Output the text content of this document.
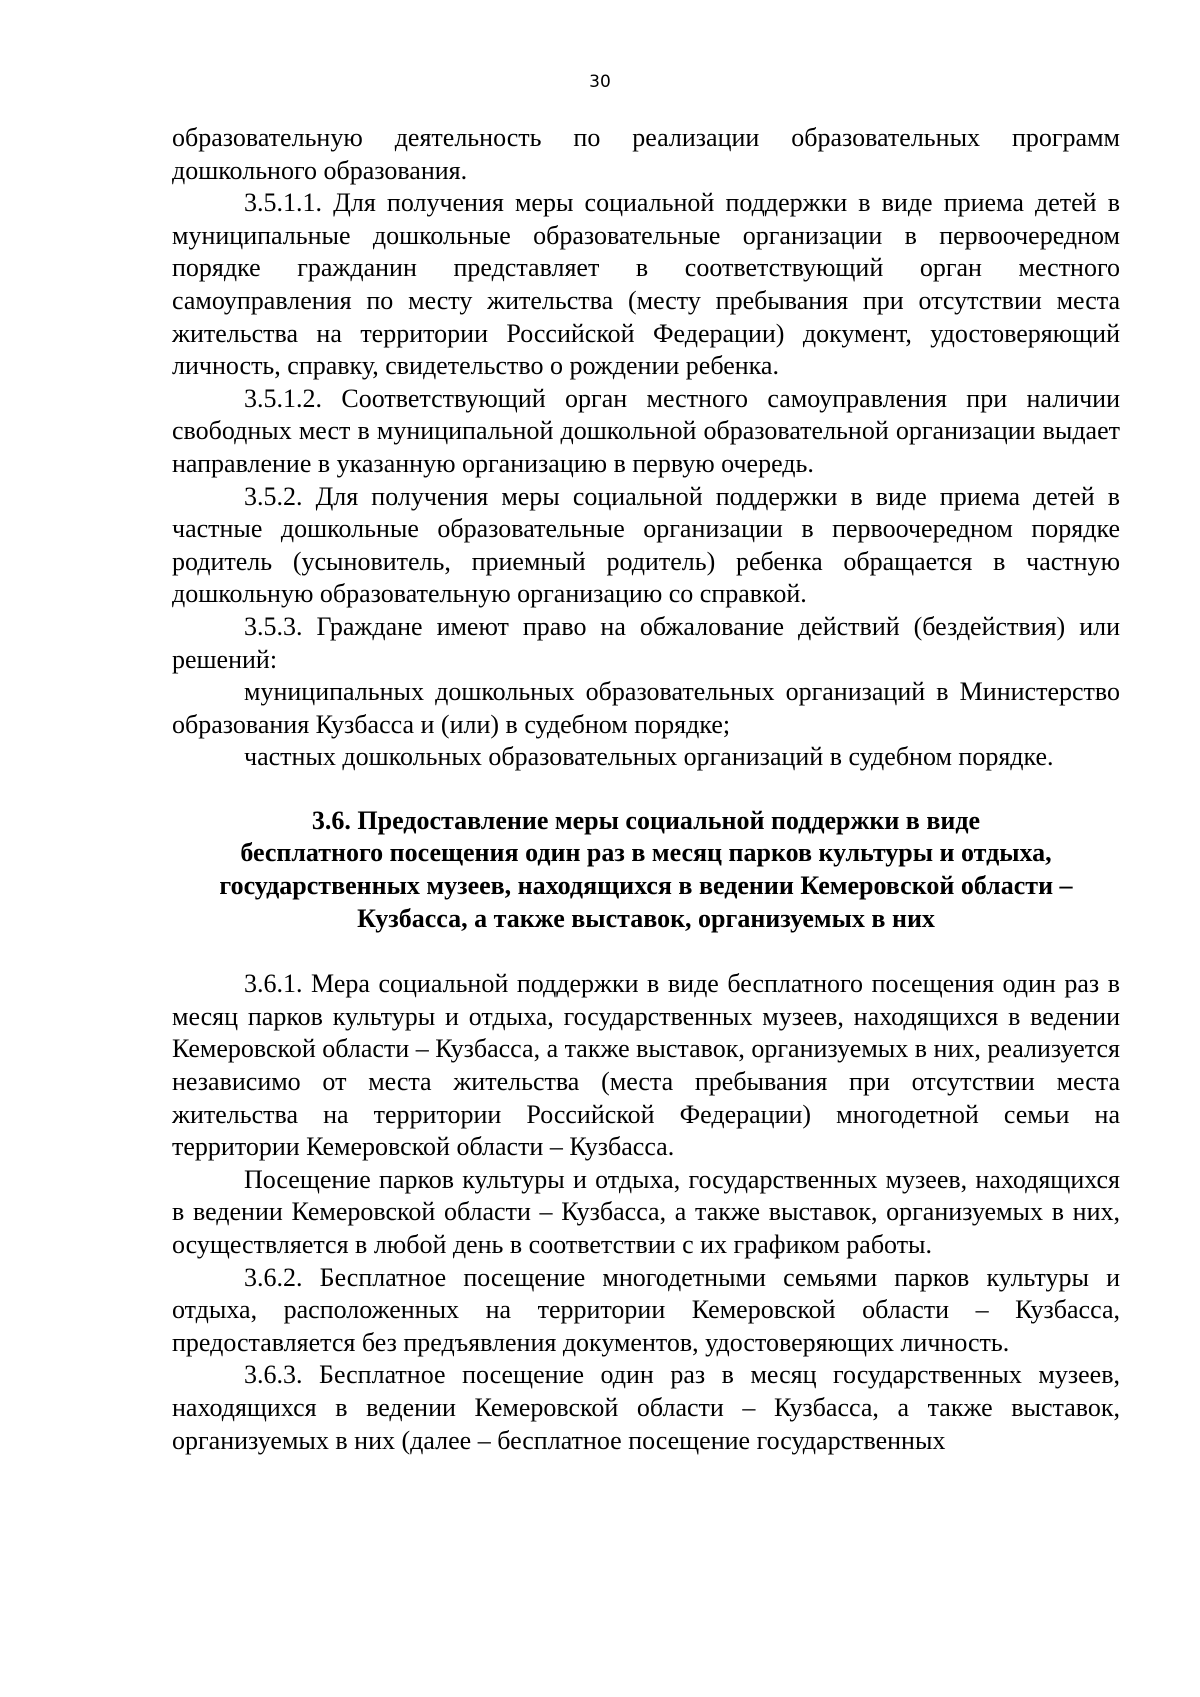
30

образовательную деятельность по реализации образовательных программ дошкольного образования.

3.5.1.1. Для получения меры социальной поддержки в виде приема детей в муниципальные дошкольные образовательные организации в первоочередном порядке гражданин представляет в соответствующий орган местного самоуправления по месту жительства (месту пребывания при отсутствии места жительства на территории Российской Федерации) документ, удостоверяющий личность, справку, свидетельство о рождении ребенка.

3.5.1.2. Соответствующий орган местного самоуправления при наличии свободных мест в муниципальной дошкольной образовательной организации выдает направление в указанную организацию в первую очередь.

3.5.2. Для получения меры социальной поддержки в виде приема детей в частные дошкольные образовательные организации в первоочередном порядке родитель (усыновитель, приемный родитель) ребенка обращается в частную дошкольную образовательную организацию со справкой.

3.5.3. Граждане имеют право на обжалование действий (бездействия) или решений:

муниципальных дошкольных образовательных организаций в Министерство образования Кузбасса и (или) в судебном порядке;

частных дошкольных образовательных организаций в судебном порядке.

3.6. Предоставление меры социальной поддержки в виде
бесплатного посещения один раз в месяц парков культуры и отдыха,
государственных музеев, находящихся в ведении Кемеровской области –
Кузбасса, а также выставок, организуемых в них

3.6.1. Мера социальной поддержки в виде бесплатного посещения один раз в месяц парков культуры и отдыха, государственных музеев, находящихся в ведении Кемеровской области – Кузбасса, а также выставок, организуемых в них, реализуется независимо от места жительства (места пребывания при отсутствии места жительства на территории Российской Федерации) многодетной семьи на территории Кемеровской области – Кузбасса.

Посещение парков культуры и отдыха, государственных музеев, находящихся в ведении Кемеровской области – Кузбасса, а также выставок, организуемых в них, осуществляется в любой день в соответствии с их графиком работы.

3.6.2. Бесплатное посещение многодетными семьями парков культуры и отдыха, расположенных на территории Кемеровской области – Кузбасса, предоставляется без предъявления документов, удостоверяющих личность.

3.6.3. Бесплатное посещение один раз в месяц государственных музеев, находящихся в ведении Кемеровской области – Кузбасса, а также выставок, организуемых в них (далее – бесплатное посещение государственных
